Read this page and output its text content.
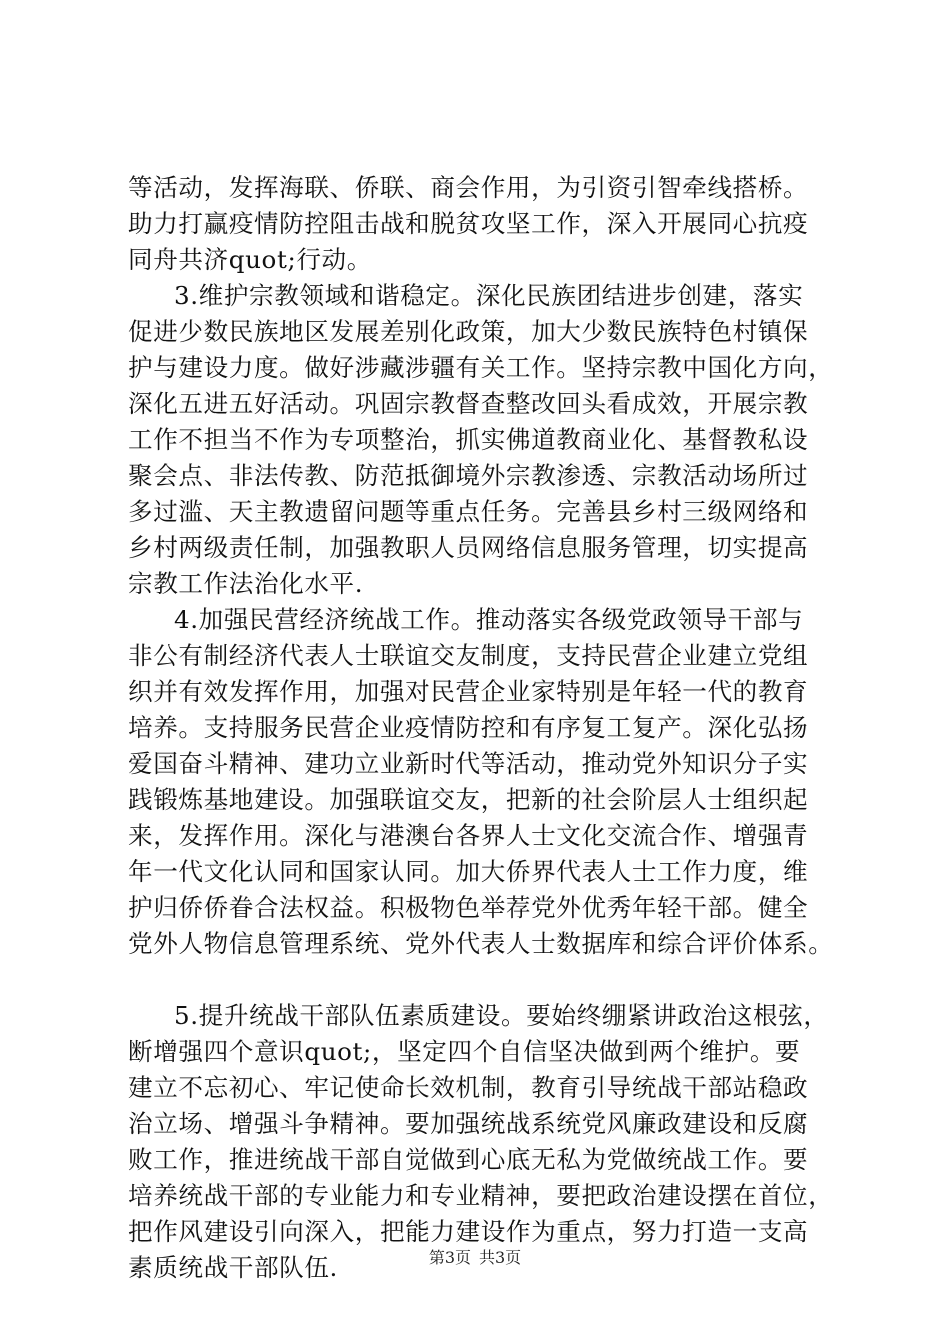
等活动，发挥海联、侨联、商会作用，为引资引智牵线搭桥。
助力打赢疫情防控阻击战和脱贫攻坚工作，深入开展同心抗疫
同舟共济quot;行动。
3.维护宗教领域和谐稳定。深化民族团结进步创建，落实
促进少数民族地区发展差别化政策，加大少数民族特色村镇保
护与建设力度。做好涉藏涉疆有关工作。坚持宗教中国化方向，
深化五进五好活动。巩固宗教督查整改回头看成效，开展宗教
工作不担当不作为专项整治，抓实佛道教商业化、基督教私设
聚会点、非法传教、防范抵御境外宗教渗透、宗教活动场所过
多过滥、天主教遗留问题等重点任务。完善县乡村三级网络和
乡村两级责任制，加强教职人员网络信息服务管理，切实提高
宗教工作法治化水平.
4.加强民营经济统战工作。推动落实各级党政领导干部与
非公有制经济代表人士联谊交友制度，支持民营企业建立党组
织并有效发挥作用，加强对民营企业家特别是年轻一代的教育
培养。支持服务民营企业疫情防控和有序复工复产。深化弘扬
爱国奋斗精神、建功立业新时代等活动，推动党外知识分子实
践锻炼基地建设。加强联谊交友，把新的社会阶层人士组织起
来，发挥作用。深化与港澳台各界人士文化交流合作、增强青
年一代文化认同和国家认同。加大侨界代表人士工作力度，维
护归侨侨眷合法权益。积极物色举荐党外优秀年轻干部。健全
党外人物信息管理系统、党外代表人士数据库和综合评价体系。
5.提升统战干部队伍素质建设。要始终绷紧讲政治这根弦，
断增强四个意识quot;，坚定四个自信坚决做到两个维护。要
建立不忘初心、牢记使命长效机制，教育引导统战干部站稳政
治立场、增强斗争精神。要加强统战系统党风廉政建设和反腐
败工作，推进统战干部自觉做到心底无私为党做统战工作。要
培养统战干部的专业能力和专业精神，要把政治建设摆在首位，
把作风建设引向深入，把能力建设作为重点，努力打造一支高
素质统战干部队伍.	第3页 共3页
